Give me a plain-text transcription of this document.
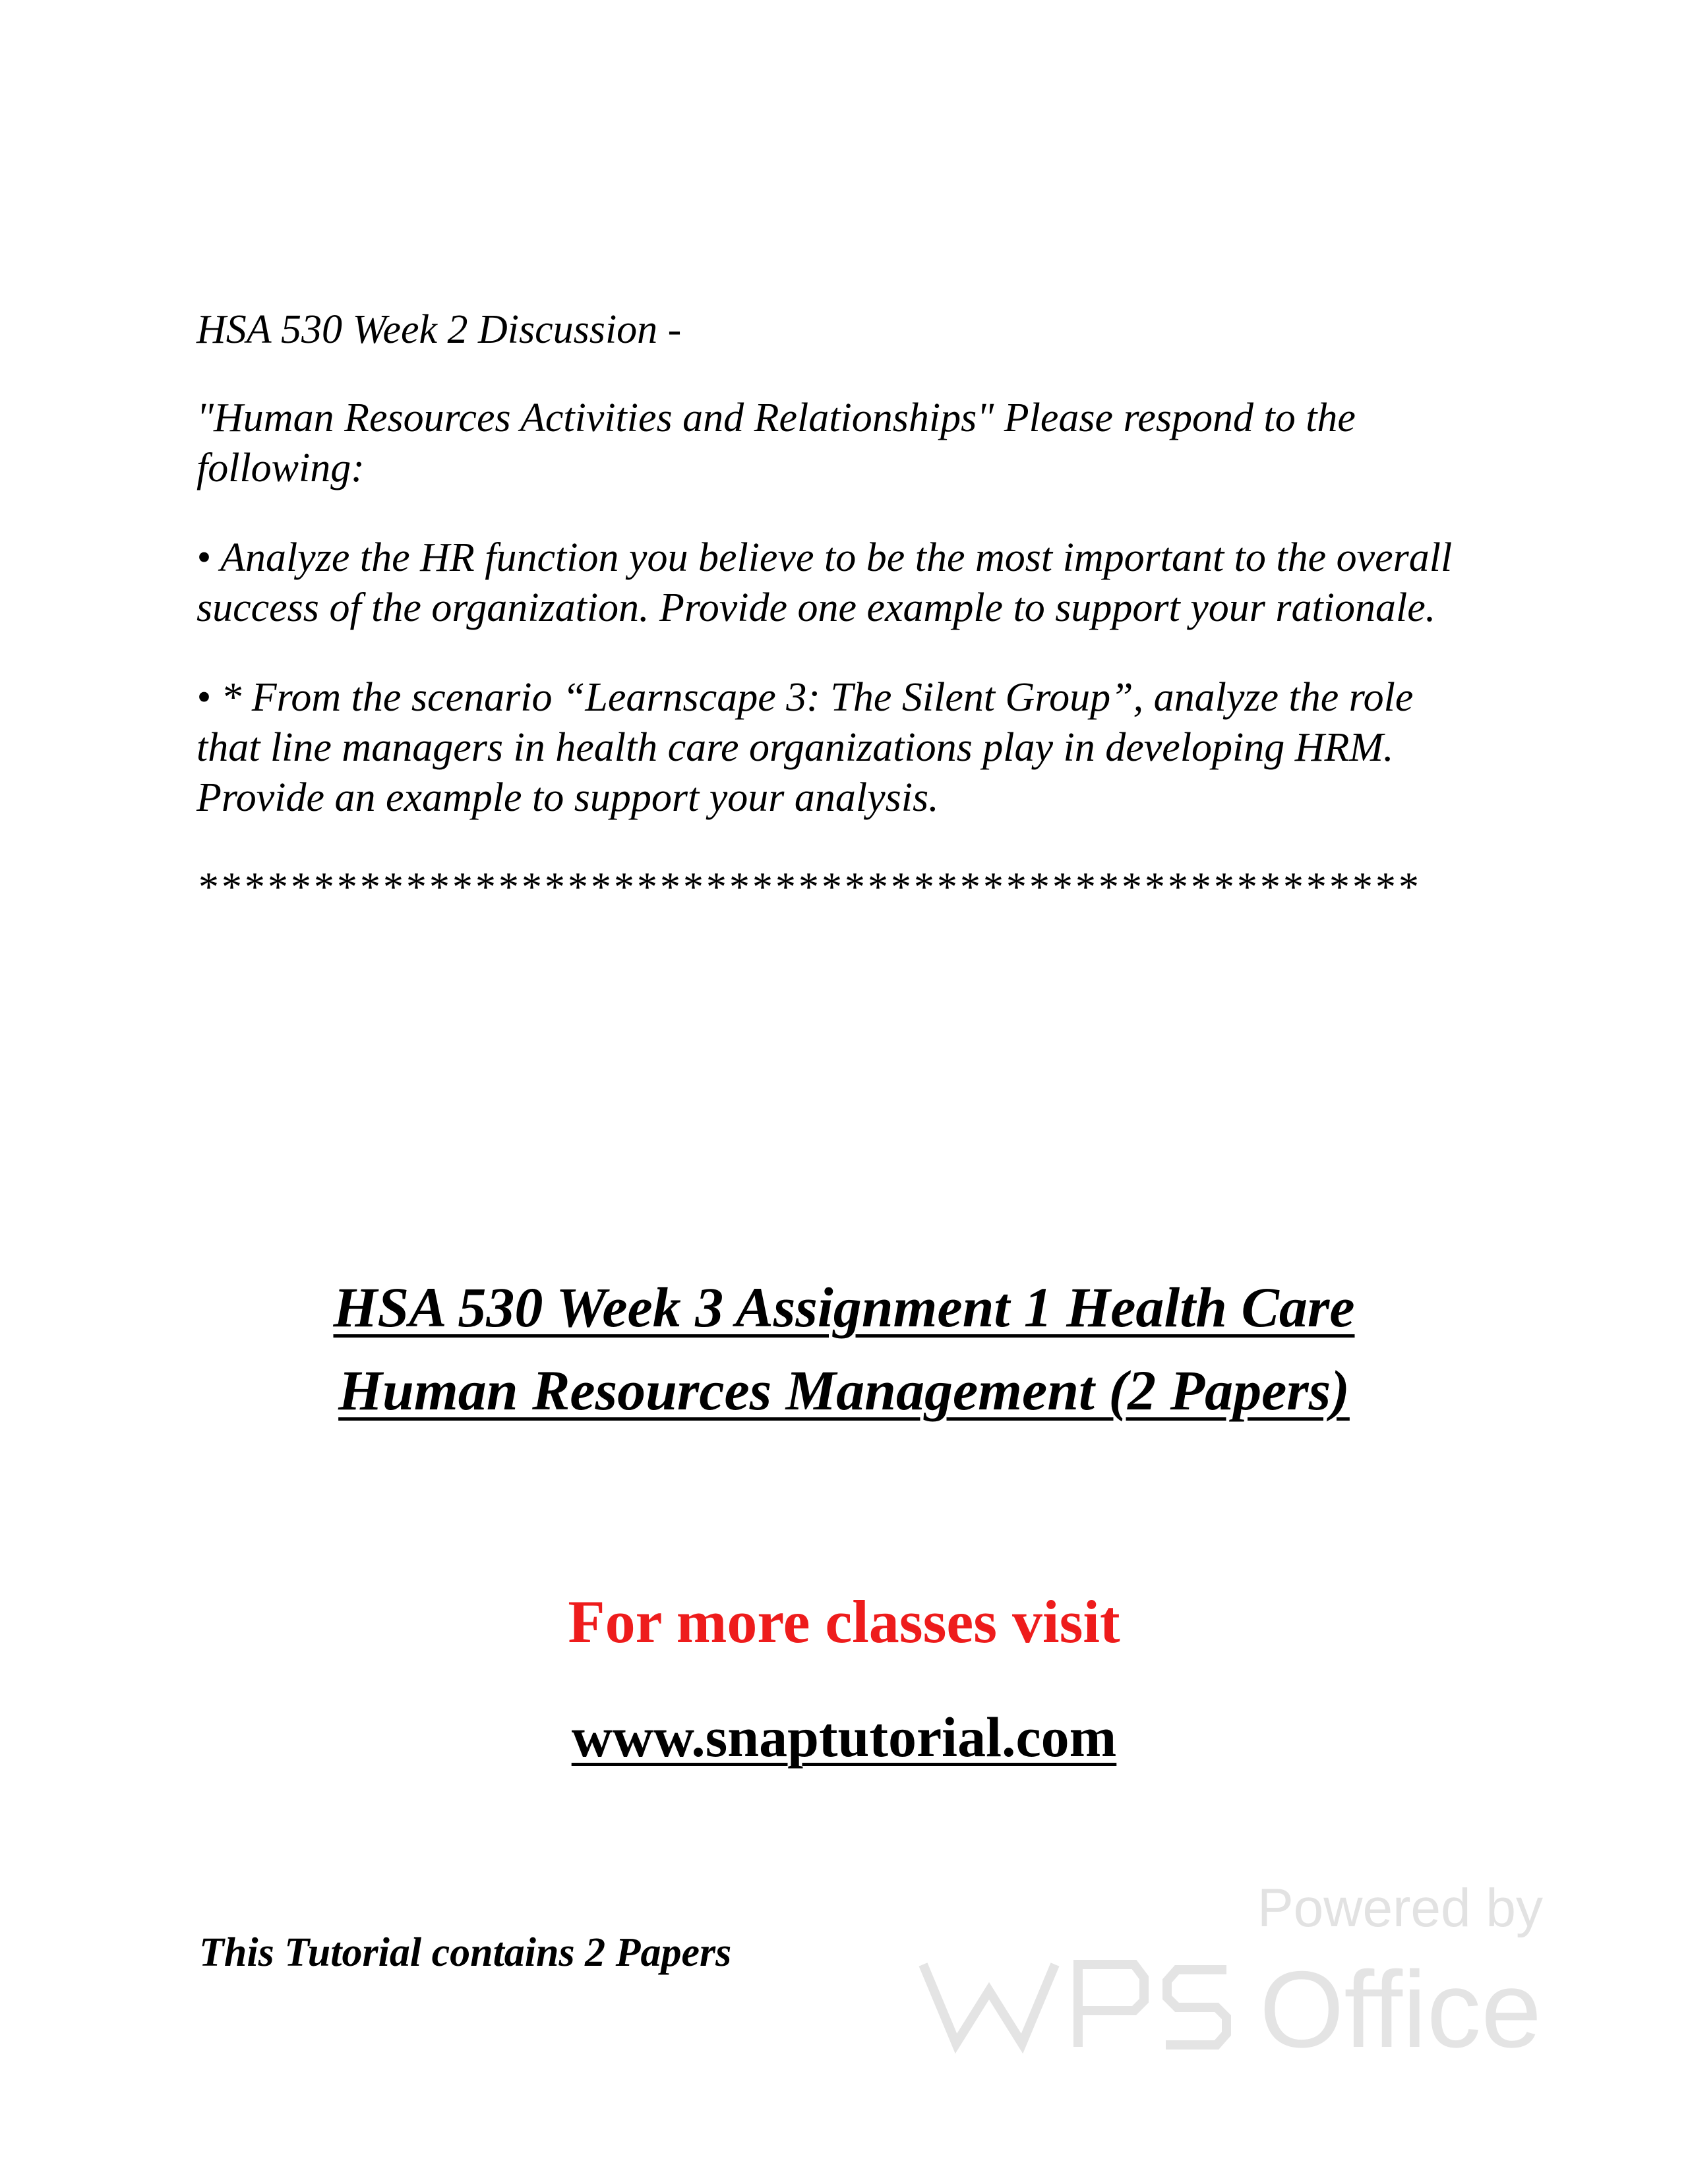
HSA 530 Week 2 Discussion -

"Human Resources Activities and Relationships" Please respond to the following:

• Analyze the HR function you believe to be the most important to the overall success of the organization. Provide one example to support your rationale.

• * From the scenario “Learnscape 3: The Silent Group”, analyze the role that line managers in health care organizations play in developing HRM. Provide an example to support your analysis.

*****************************************************

HSA 530 Week 3 Assignment 1 Health Care
Human Resources Management (2 Papers)
For more classes visit
www.snaptutorial.com
This Tutorial contains 2 Papers
Powered by
Office
